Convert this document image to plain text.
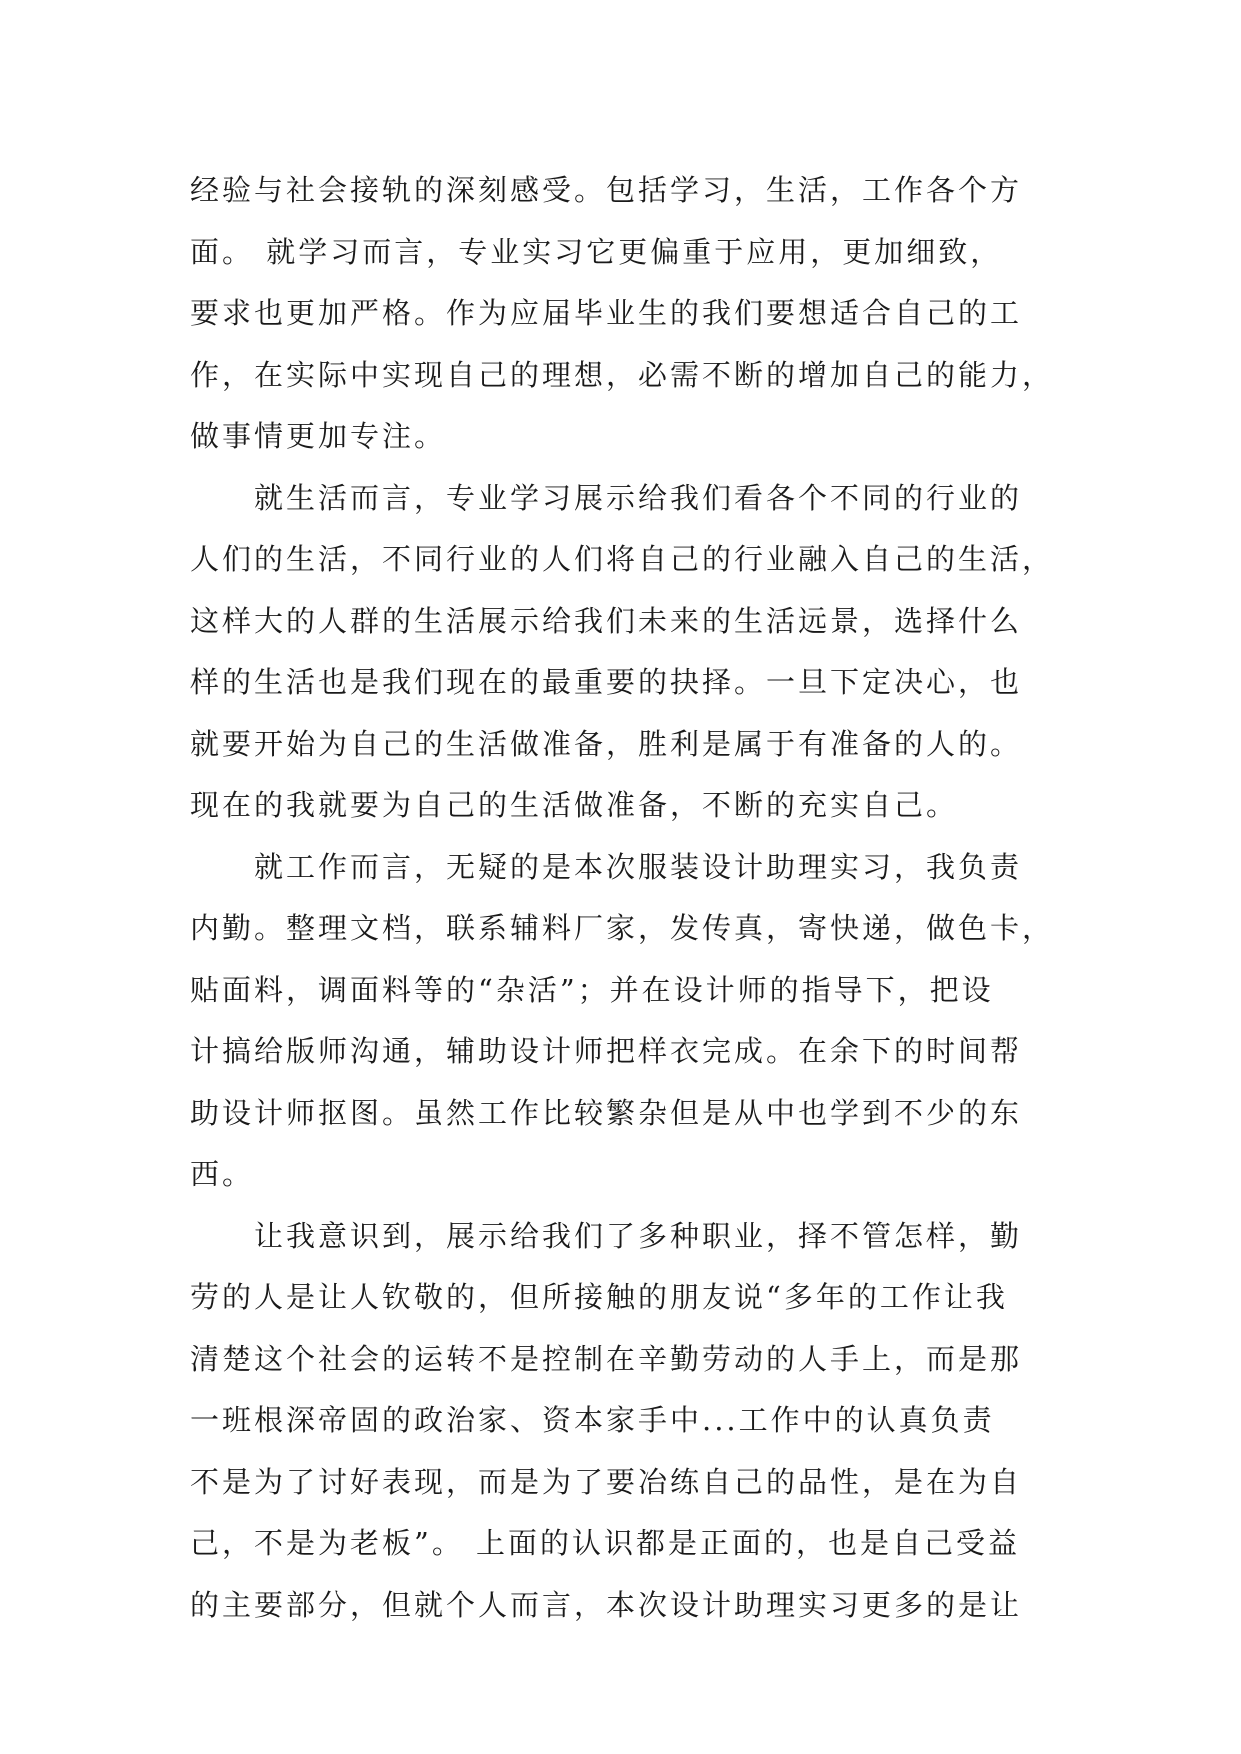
经验与社会接轨的深刻感受。包括学习，生活，工作各个方
面。 就学习而言，专业实习它更偏重于应用，更加细致，
要求也更加严格。作为应届毕业生的我们要想适合自己的工
作，在实际中实现自己的理想，必需不断的增加自己的能力，
做事情更加专注。

　　就生活而言，专业学习展示给我们看各个不同的行业的
人们的生活，不同行业的人们将自己的行业融入自己的生活，
这样大的人群的生活展示给我们未来的生活远景，选择什么
样的生活也是我们现在的最重要的抉择。一旦下定决心，也
就要开始为自己的生活做准备，胜利是属于有准备的人的。
现在的我就要为自己的生活做准备，不断的充实自己。

　　就工作而言，无疑的是本次服装设计助理实习，我负责
内勤。整理文档，联系辅料厂家，发传真，寄快递，做色卡，
贴面料，调面料等的“杂活”；并在设计师的指导下，把设
计搞给版师沟通，辅助设计师把样衣完成。在余下的时间帮
助设计师抠图。虽然工作比较繁杂但是从中也学到不少的东
西。

　　让我意识到，展示给我们了多种职业，择不管怎样，勤
劳的人是让人钦敬的，但所接触的朋友说“多年的工作让我
清楚这个社会的运转不是控制在辛勤劳动的人手上，而是那
一班根深帝固的政治家、资本家手中...工作中的认真负责
不是为了讨好表现，而是为了要冶练自己的品性，是在为自
己，不是为老板”。 上面的认识都是正面的，也是自己受益
的主要部分，但就个人而言，本次设计助理实习更多的是让
